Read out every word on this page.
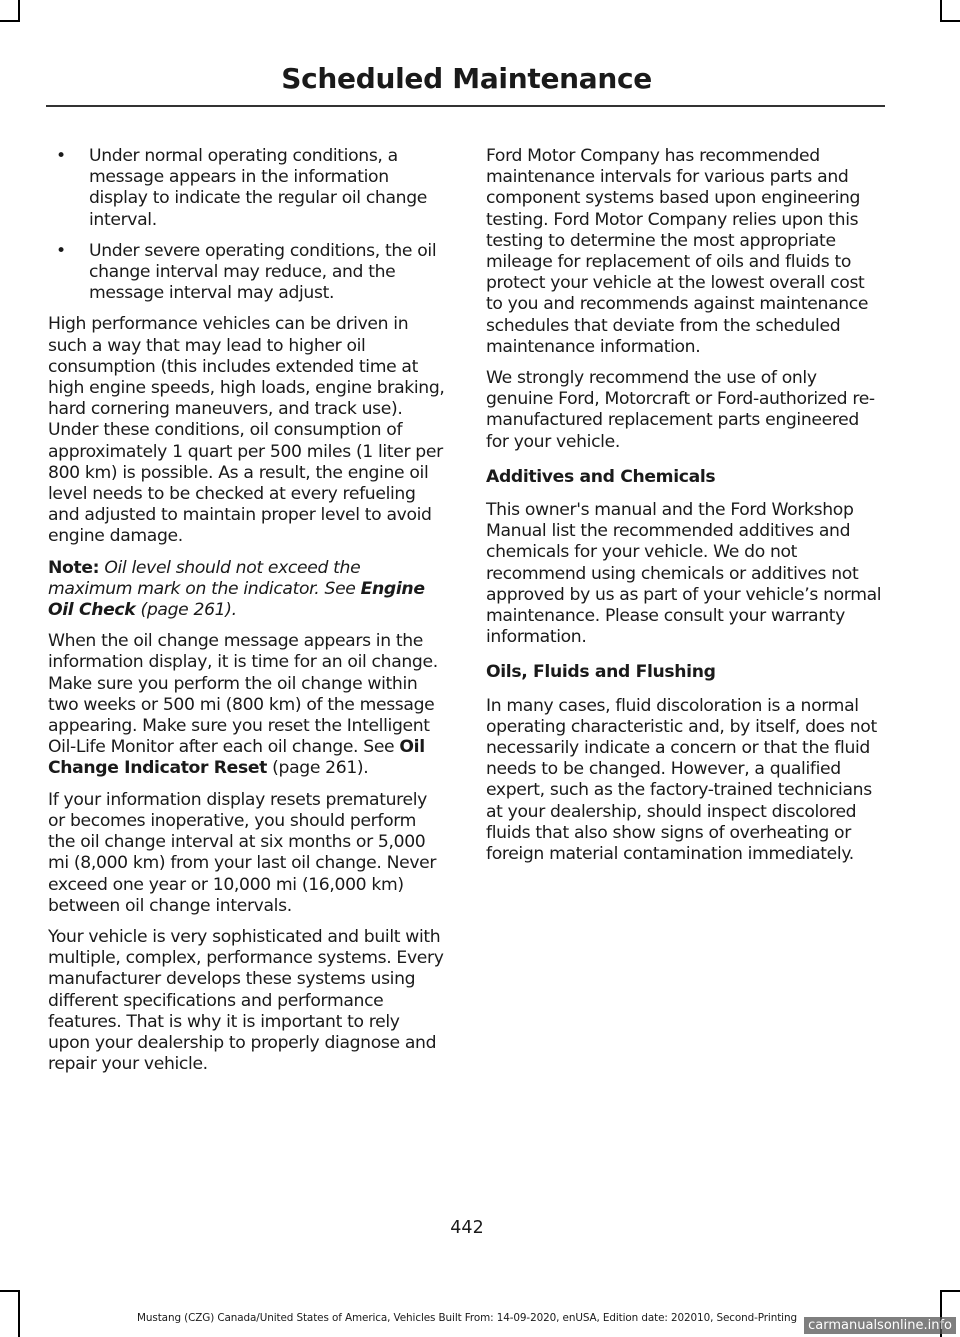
Scheduled Maintenance
• Under normal operating conditions, a message appears in the information display to indicate the regular oil change interval.
• Under severe operating conditions, the oil change interval may reduce, and the message interval may adjust.

High performance vehicles can be driven in such a way that may lead to higher oil consumption (this includes extended time at high engine speeds, high loads, engine braking, hard cornering maneuvers, and track use). Under these conditions, oil consumption of approximately 1 quart per 500 miles (1 liter per 800 km) is possible. As a result, the engine oil level needs to be checked at every refueling and adjusted to maintain proper level to avoid engine damage.

Note: Oil level should not exceed the maximum mark on the indicator. See Engine Oil Check (page 261).

When the oil change message appears in the information display, it is time for an oil change. Make sure you perform the oil change within two weeks or 500 mi (800 km) of the message appearing. Make sure you reset the Intelligent Oil-Life Monitor after each oil change. See Oil Change Indicator Reset (page 261).

If your information display resets prematurely or becomes inoperative, you should perform the oil change interval at six months or 5,000 mi (8,000 km) from your last oil change. Never exceed one year or 10,000 mi (16,000 km) between oil change intervals.

Your vehicle is very sophisticated and built with multiple, complex, performance systems. Every manufacturer develops these systems using different specifications and performance features. That is why it is important to rely upon your dealership to properly diagnose and repair your vehicle.

Ford Motor Company has recommended maintenance intervals for various parts and component systems based upon engineering testing. Ford Motor Company relies upon this testing to determine the most appropriate mileage for replacement of oils and fluids to protect your vehicle at the lowest overall cost to you and recommends against maintenance schedules that deviate from the scheduled maintenance information.

We strongly recommend the use of only genuine Ford, Motorcraft or Ford-authorized re-manufactured replacement parts engineered for your vehicle.

Additives and Chemicals

This owner's manual and the Ford Workshop Manual list the recommended additives and chemicals for your vehicle. We do not recommend using chemicals or additives not approved by us as part of your vehicle’s normal maintenance. Please consult your warranty information.

Oils, Fluids and Flushing

In many cases, fluid discoloration is a normal operating characteristic and, by itself, does not necessarily indicate a concern or that the fluid needs to be changed. However, a qualified expert, such as the factory-trained technicians at your dealership, should inspect discolored fluids that also show signs of overheating or foreign material contamination immediately.

442

Mustang (CZG) Canada/United States of America, Vehicles Built From: 14-09-2020, enUSA, Edition date: 202010, Second-Printing carmanualsonline.info
